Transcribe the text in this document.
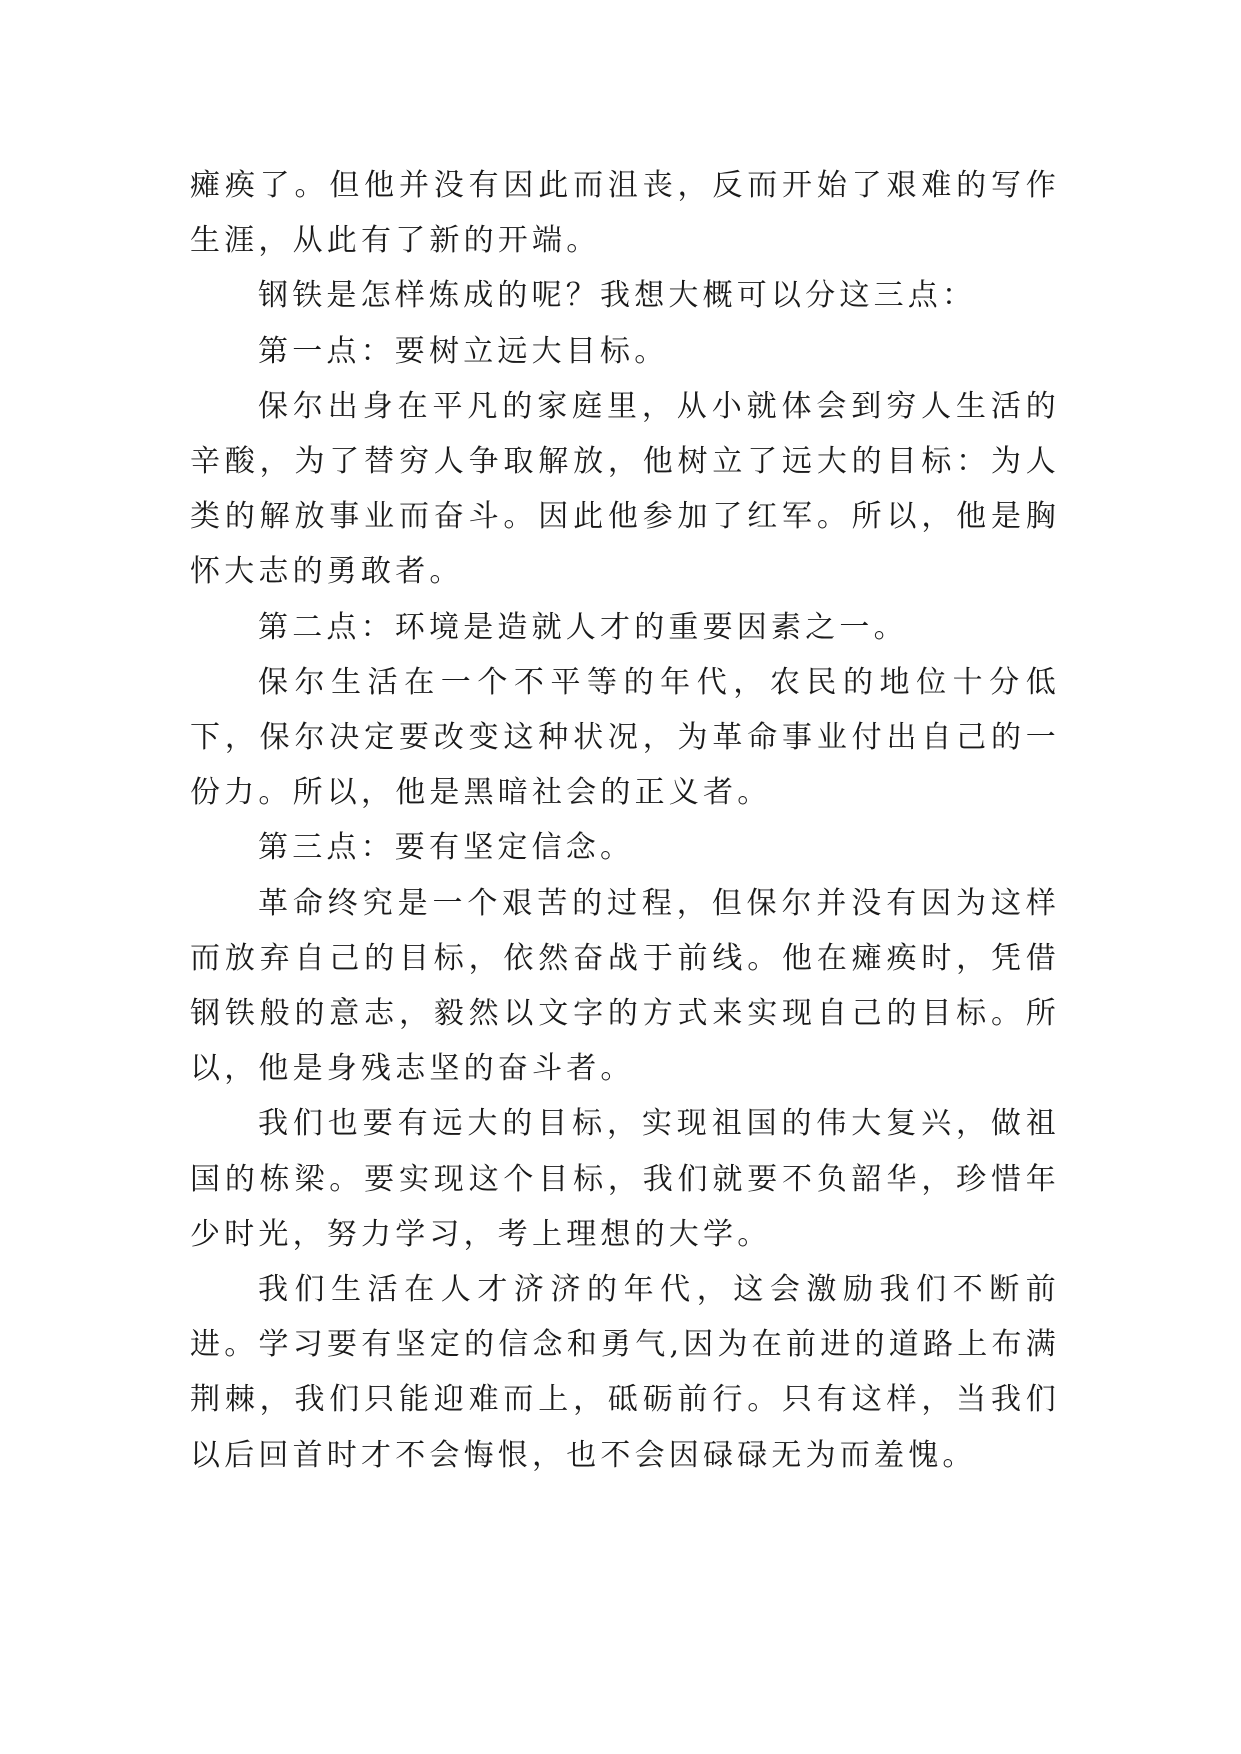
瘫痪了。但他并没有因此而沮丧，反而开始了艰难的写作生涯，从此有了新的开端。

钢铁是怎样炼成的呢？我想大概可以分这三点：

第一点：要树立远大目标。

保尔出身在平凡的家庭里，从小就体会到穷人生活的辛酸，为了替穷人争取解放，他树立了远大的目标：为人类的解放事业而奋斗。因此他参加了红军。所以，他是胸怀大志的勇敢者。

第二点：环境是造就人才的重要因素之一。

保尔生活在一个不平等的年代，农民的地位十分低下，保尔决定要改变这种状况，为革命事业付出自己的一份力。所以，他是黑暗社会的正义者。

第三点：要有坚定信念。

革命终究是一个艰苦的过程，但保尔并没有因为这样而放弃自己的目标，依然奋战于前线。他在瘫痪时，凭借钢铁般的意志，毅然以文字的方式来实现自己的目标。所以，他是身残志坚的奋斗者。

我们也要有远大的目标，实现祖国的伟大复兴，做祖国的栋梁。要实现这个目标，我们就要不负韶华，珍惜年少时光，努力学习，考上理想的大学。

我们生活在人才济济的年代，这会激励我们不断前进。学习要有坚定的信念和勇气,因为在前进的道路上布满荆棘，我们只能迎难而上，砥砺前行。只有这样，当我们以后回首时才不会悔恨，也不会因碌碌无为而羞愧。
